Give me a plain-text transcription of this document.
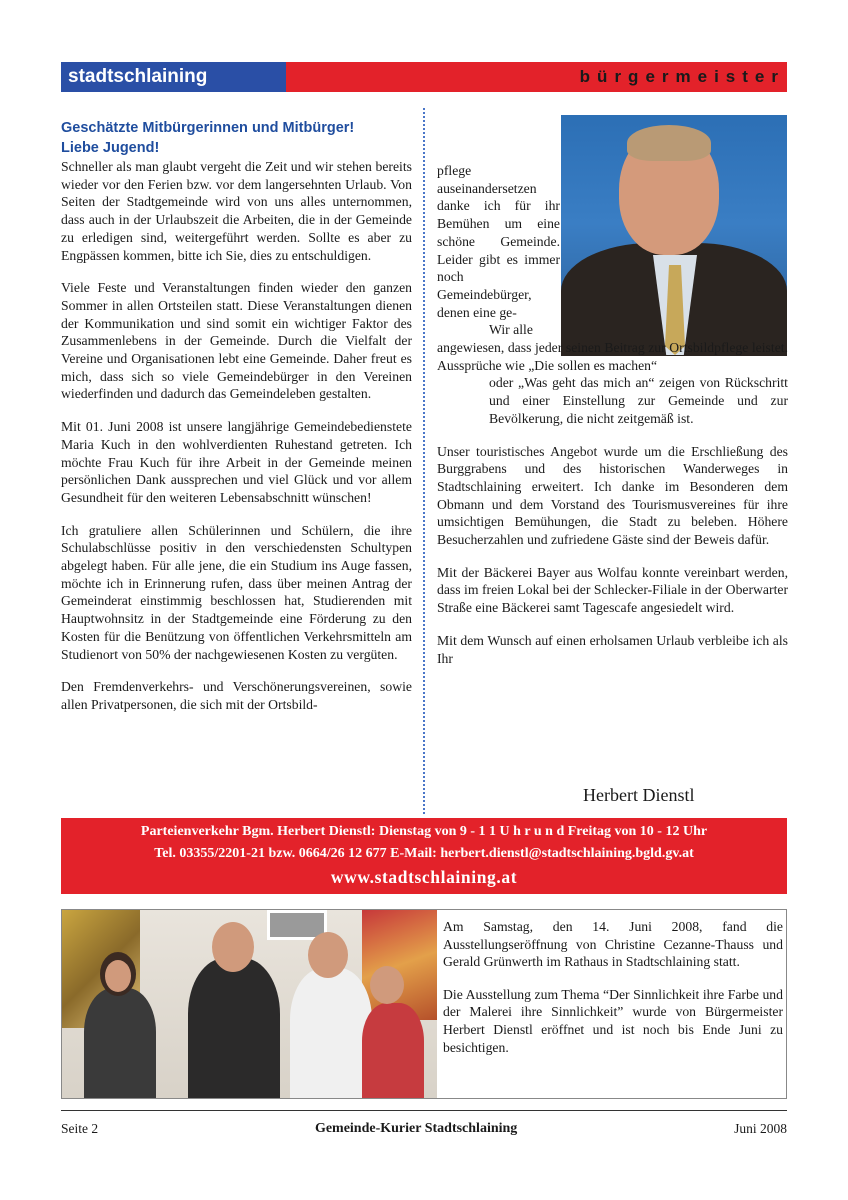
stadtschlaining	bürgermeister
Geschätzte Mitbürgerinnen und Mitbürger!
Liebe Jugend!

Schneller als man glaubt vergeht die Zeit und wir stehen bereits wieder vor den Ferien bzw. vor dem langersehnten Urlaub. Von Seiten der Stadtgemeinde wird von uns alles unternommen, dass auch in der Urlaubszeit die Arbeiten, die in der Gemeinde zu erledigen sind, weitergeführt werden. Sollte es aber zu Engpässen kommen, bitte ich Sie, dies zu entschuldigen.

Viele Feste und Veranstaltungen finden wieder den ganzen Sommer in allen Ortsteilen statt. Diese Veranstaltungen dienen der Kommunikation und sind somit ein wichtiger Faktor des Zusammenlebens in der Gemeinde. Durch die Vielfalt der Vereine und Organisationen lebt eine Gemeinde. Daher freut es mich, dass sich so viele Gemeindebürger in den Vereinen wiederfinden und dadurch das Gemeindeleben gestalten.

Mit 01. Juni 2008 ist unsere langjährige Gemeindebedienstete Maria Kuch in den wohlverdienten Ruhestand getreten. Ich möchte Frau Kuch für ihre Arbeit in der Gemeinde meinen persönlichen Dank aussprechen und viel Glück und vor allem Gesundheit für den weiteren Lebensabschnitt wünschen!

Ich gratuliere allen Schülerinnen und Schülern, die ihre Schulabschlüsse positiv in den verschiedensten Schultypen abgelegt haben. Für alle jene, die ein Studium ins Auge fassen, möchte ich in Erinnerung rufen, dass über meinen Antrag der Gemeinderat einstimmig beschlossen hat, Studierenden mit Hauptwohnsitz in der Stadtgemeinde eine Förderung zu den Kosten für die Benützung von öffentlichen Verkehrsmitteln am Studienort von 50% der nachgewiesenen Kosten zu vergüten.

Den Fremdenverkehrs- und Verschönerungsvereinen, sowie allen Privatpersonen, die sich mit der Ortsbild-

pflege auseinandersetzen danke ich für ihr Bemühen um eine schöne Gemeinde. Leider gibt es immer noch Gemeindebürger, denen eine ge-

Wir alle

angewiesen, dass jeder seinen Beitrag zur Ortsbildpflege leistet. Aussprüche wie „Die sollen es machen“

oder „Was geht das mich an“ zeigen von Rückschritt und einer Einstellung zur Gemeinde und zur Bevölkerung, die nicht zeitgemäß ist.

Unser touristisches Angebot wurde um die Erschließung des Burggrabens und des historischen Wanderweges in Stadtschlaining erweitert. Ich danke im Besonderen dem Obmann und dem Vorstand des Tourismusvereines für ihre umsichtigen Bemühungen, die Stadt zu beleben. Höhere Besucherzahlen und zufriedene Gäste sind der Beweis dafür.

Mit der Bäckerei Bayer aus Wolfau konnte vereinbart werden, dass im freien Lokal bei der Schlecker-Filiale in der Oberwarter Straße eine Bäckerei samt Tagescafe angesiedelt wird.

Mit dem Wunsch auf einen erholsamen Urlaub verbleibe ich als Ihr

Herbert Dienstl
Parteienverkehr Bgm. Herbert Dienstl: Dienstag von 9 - 1 1 U h r u n d Freitag von 10 - 12 Uhr
Tel. 03355/2201-21 bzw. 0664/26 12 677 E-Mail: herbert.dienstl@stadtschlaining.bgld.gv.at
www.stadtschlaining.at

Am Samstag, den 14. Juni 2008, fand die Ausstellungseröffnung von Christine Cezanne-Thauss und Gerald Grünwerth im Rathaus in Stadtschlaining statt.

Die Ausstellung zum Thema “Der Sinnlichkeit ihre Farbe und der Malerei ihre Sinnlichkeit” wurde von Bürgermeister Herbert Dienstl eröffnet und ist noch bis Ende Juni zu besichtigen.

Seite 2	Gemeinde-Kurier Stadtschlaining	Juni 2008
